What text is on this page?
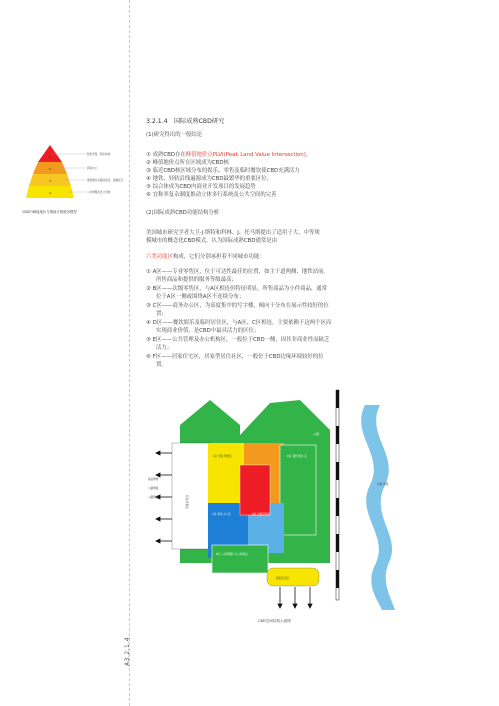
A3.2.1.4
1
2
3
4
特色零售、娱乐休闲
商务办公
餐饮娱乐及临时居住、高端住宅
公共管理及办公机构
CBD内峰值地价与增值多数服务模型
3.2.1.4　国际成熟CBD研究
(1)研究得出的一般结论
① 成熟CBD存在峰值地价点PLVI(Peak Land Value Intersection)。
② 峰值地价点所在区域成为CBD核
③ 临近CBD核区域分布的娱乐、零售及临时餐饮使CBD充满活力
④ 地铁、轻轨沿线遍源成为CBD最繁华的重要区位。
⑤ 综合体成为CBD内商业开发项目的发展趋势
⑥ 宜称率复杂制度推动立体多行系统及公共空间的完善
(2)国际成熟CBD功能结构分析
美国城市研究学者大卫·J·斯特和科林、J、托马斯提出了适用于大、中等规
模城市的概念化CBD模式，认为国际成熟CBD通常是由
六类功能区构成，它们分别承担着不同城市功能：
① A区——专业零售区，位于可达性最佳的位置，如主干道两侧、地铁站前。
所售商品和提供的服务等级最高；
② B区——次级零售区，与A区相连但特征明显，所售商品为小件商品，通常
位于A区一侧或围绕A区不连续分布；
③ C区——商务办公区，为高度集中的写字楼，倾向于分布在展示性较好的位
置；
④ D区——餐饮娱乐及临时居住区，与A区、C区相连，主要依赖于这两个区而
实现商业价值，是CBD中最具活力的区位；
⑤ E区——公共管理及办公机构区，一般位于CBD一侧，因其非商业性而缺乏
活力；
⑥ F区——居家住宅区，居家型居住社区，一般位于CBD边缘环境较好的位
置。
公园
特色零售区
A区 零售 购物区	D区 餐饮 娱乐 区
C区 商务 办公区	B区 次级零售区
E区 公共管理区 办公机构区
居家住宅区
河流 景观
商业购物
公路网络
公路网络
CBD空间结构示意图
